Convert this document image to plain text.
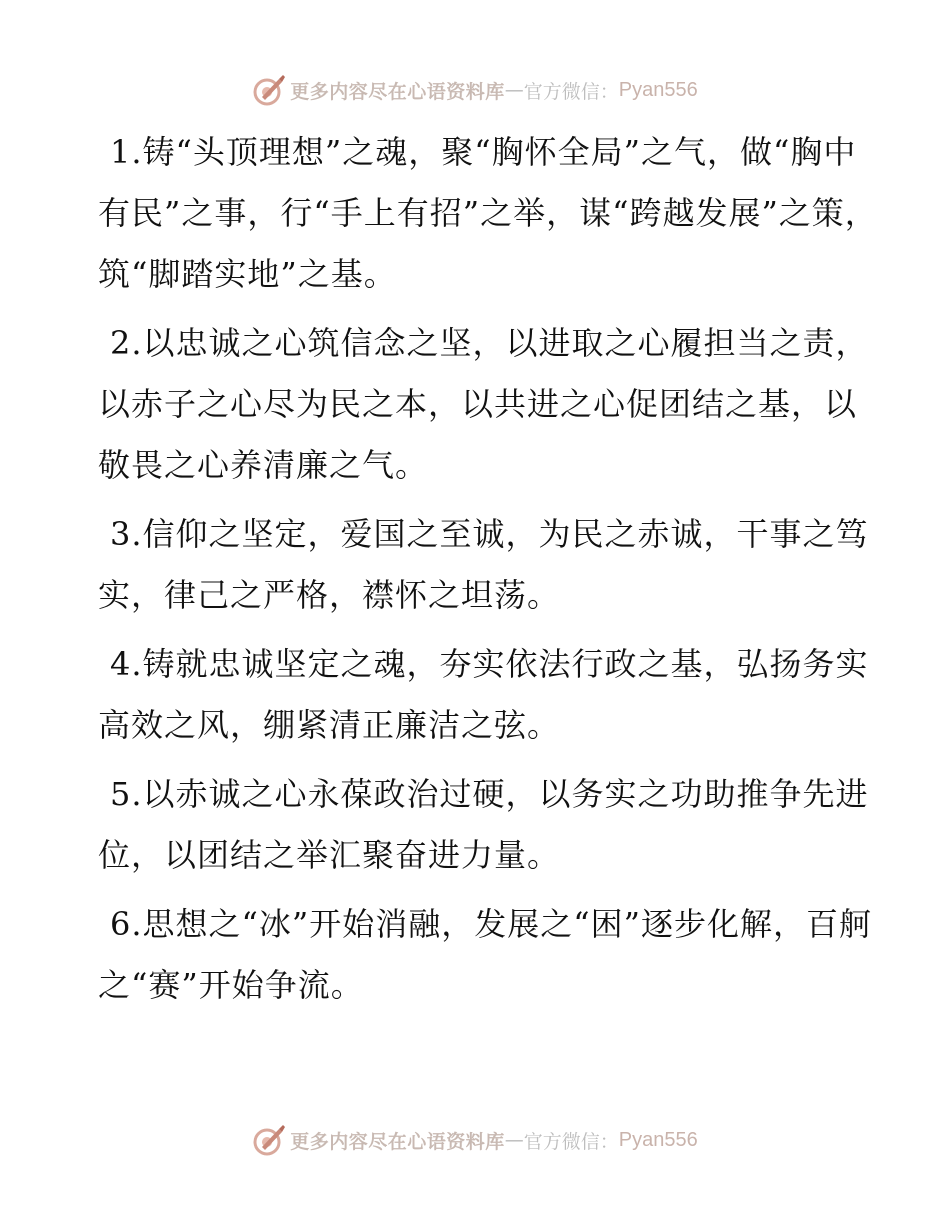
更多内容尽在心语资料库 — 官方微信： Pyan556

1.铸“头顶理想”之魂，聚“胸怀全局”之气，做“胸中有民”之事，行“手上有招”之举，谋“跨越发展”之策，筑“脚踏实地”之基。

2.以忠诚之心筑信念之坚，以进取之心履担当之责，以赤子之心尽为民之本，以共进之心促团结之基，以敬畏之心养清廉之气。

3.信仰之坚定，爱国之至诚，为民之赤诚，干事之笃实，律己之严格，襟怀之坦荡。

4.铸就忠诚坚定之魂，夯实依法行政之基，弘扬务实高效之风，绷紧清正廉洁之弦。

5.以赤诚之心永葆政治过硬，以务实之功助推争先进位，以团结之举汇聚奋进力量。

6.思想之“冰”开始消融，发展之“困”逐步化解，百舸之“赛”开始争流。

更多内容尽在心语资料库 — 官方微信： Pyan556
